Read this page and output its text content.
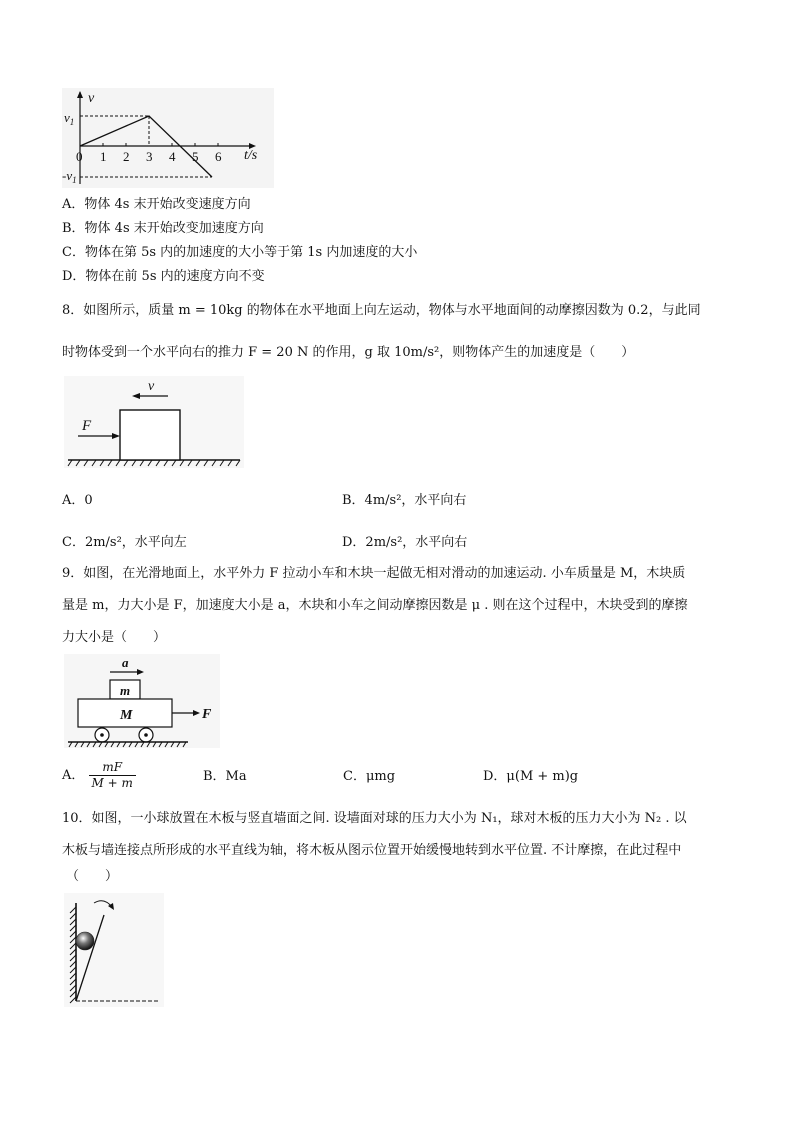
v
t/s
$v_1$
$-v_1$
0 1 2 3 4 5 6
A．物体 4s 末开始改变速度方向
B．物体 4s 末开始改变加速度方向
C．物体在第 5s 内的加速度的大小等于第 1s 内加速度的大小
D．物体在前 5s 内的速度方向不变
8．如图所示，质量 m = 10kg 的物体在水平地面上向左运动，物体与水平地面间的动摩擦因数为 0.2，与此同
时物体受到一个水平向右的推力 F = 20 N 的作用，g 取 10m/s²，则物体产生的加速度是（　　）
v
F
A．0	B．4m/s²，水平向右
C．2m/s²，水平向左	D．2m/s²，水平向右
9．如图，在光滑地面上，水平外力 F 拉动小车和木块一起做无相对滑动的加速运动. 小车质量是 M，木块质
量是 m，力大小是 F，加速度大小是 a，木块和小车之间动摩擦因数是 μ . 则在这个过程中，木块受到的摩擦
力大小是（　　）
a
m
M	F
A． $\frac{mF}{M + m}$	B．Ma	C．μmg	D．μ(M + m)g
10．如图，一小球放置在木板与竖直墙面之间. 设墙面对球的压力大小为 N₁，球对木板的压力大小为 N₂ . 以
木板与墙连接点所形成的水平直线为轴，将木板从图示位置开始缓慢地转到水平位置. 不计摩擦，在此过程中
（　　）
